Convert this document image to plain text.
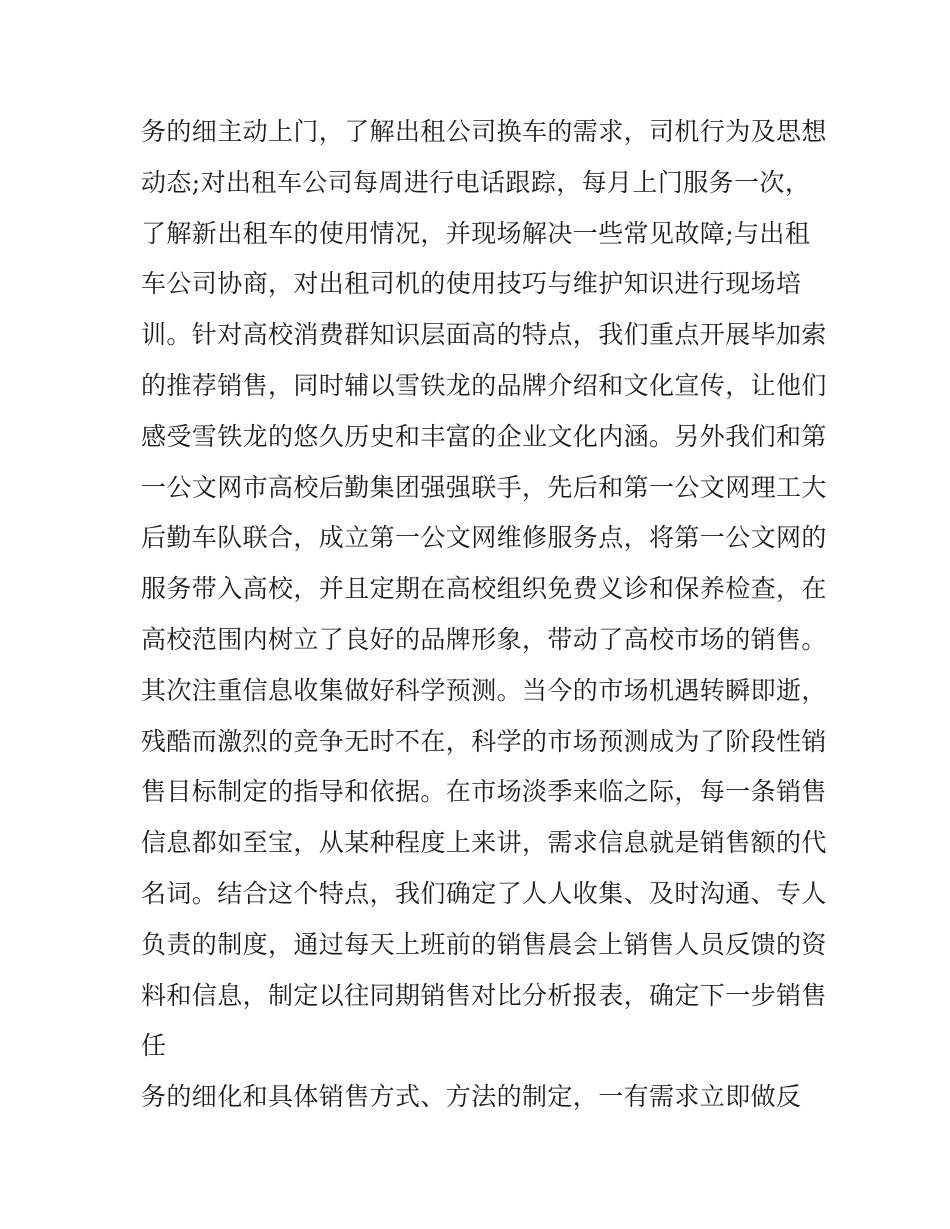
务的细主动上门，了解出租公司换车的需求，司机行为及思想
动态;对出租车公司每周进行电话跟踪，每月上门服务一次，
了解新出租车的使用情况，并现场解决一些常见故障;与出租
车公司协商，对出租司机的使用技巧与维护知识进行现场培
训。针对高校消费群知识层面高的特点，我们重点开展毕加索
的推荐销售，同时辅以雪铁龙的品牌介绍和文化宣传，让他们
感受雪铁龙的悠久历史和丰富的企业文化内涵。另外我们和第
一公文网市高校后勤集团强强联手，先后和第一公文网理工大
后勤车队联合，成立第一公文网维修服务点，将第一公文网的
服务带入高校，并且定期在高校组织免费义诊和保养检查，在
高校范围内树立了良好的品牌形象，带动了高校市场的销售。
其次注重信息收集做好科学预测。当今的市场机遇转瞬即逝，
残酷而激烈的竞争无时不在，科学的市场预测成为了阶段性销
售目标制定的指导和依据。在市场淡季来临之际，每一条销售
信息都如至宝，从某种程度上来讲，需求信息就是销售额的代
名词。结合这个特点，我们确定了人人收集、及时沟通、专人
负责的制度，通过每天上班前的销售晨会上销售人员反馈的资
料和信息，制定以往同期销售对比分析报表，确定下一步销售
任
务的细化和具体销售方式、方法的制定，一有需求立即做反
